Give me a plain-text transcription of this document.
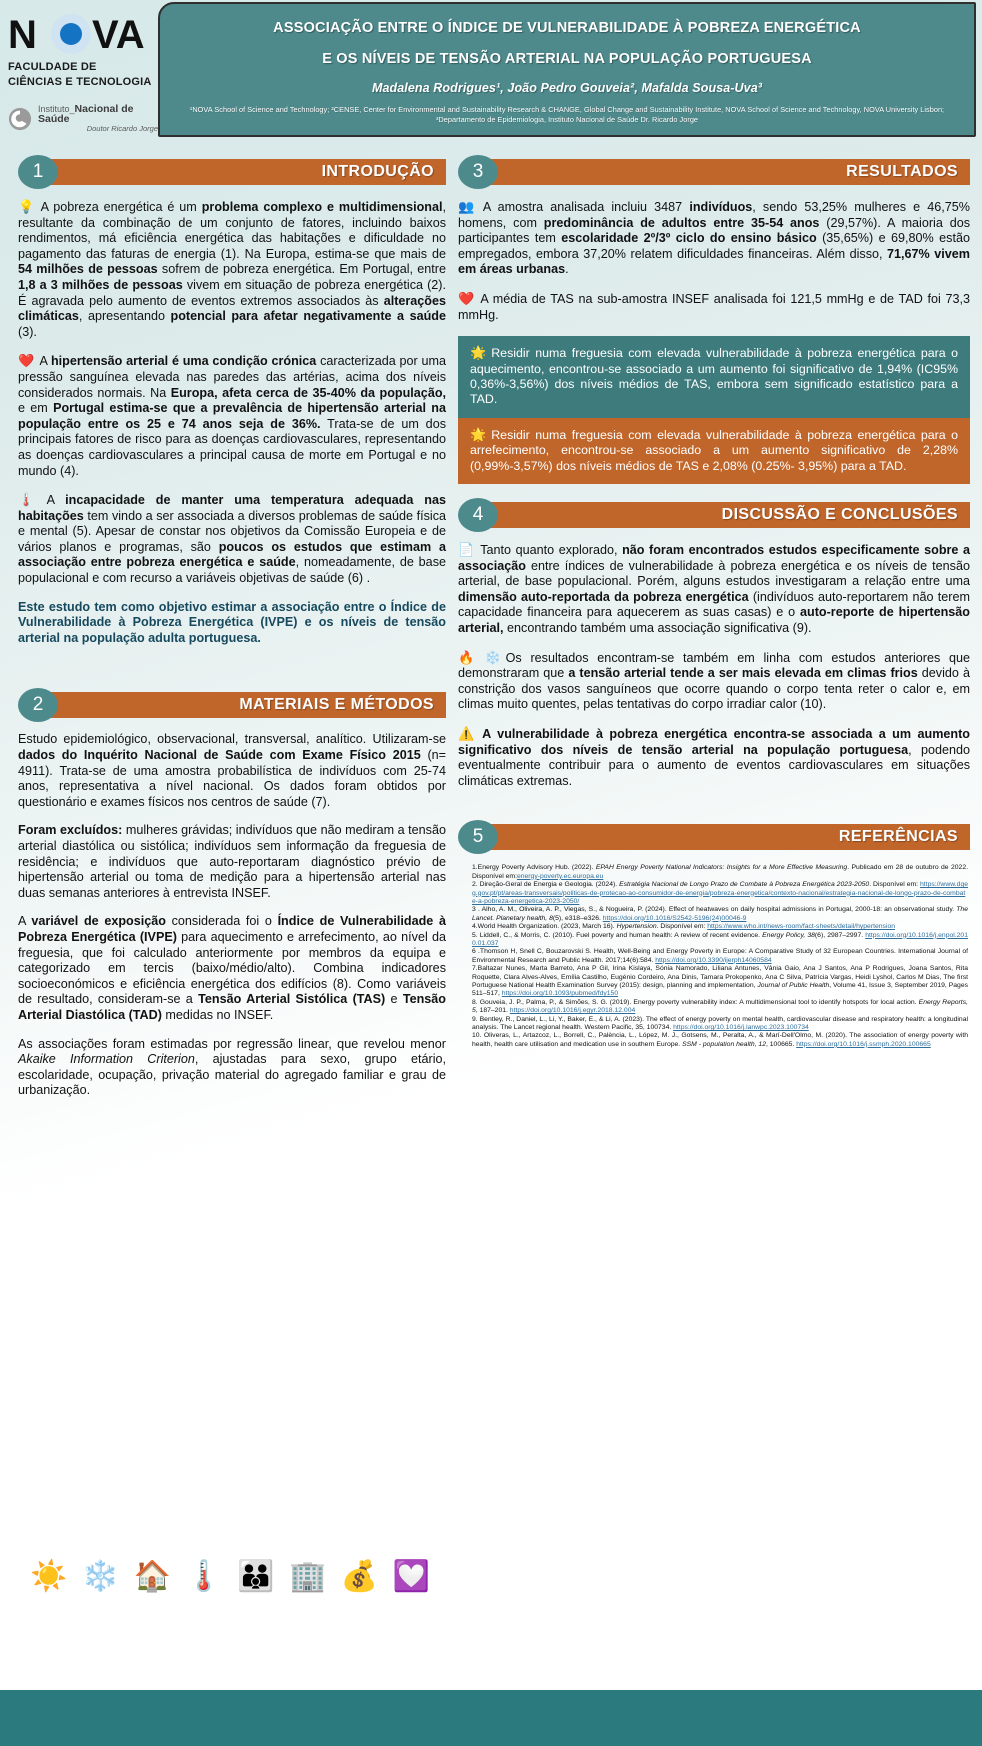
N VA
FACULDADE DE
CIÊNCIAS E TECNOLOGIA
Instituto_Nacional de Saúde
Doutor Ricardo Jorge
ASSOCIAÇÃO ENTRE O ÍNDICE DE VULNERABILIDADE À POBREZA ENERGÉTICA
E OS NÍVEIS DE TENSÃO ARTERIAL NA POPULAÇÃO PORTUGUESA
Madalena Rodrigues¹, João Pedro Gouveia², Mafalda Sousa-Uva³
¹NOVA School of Science and Technology; ²CENSE, Center for Environmental and Sustainability Research & CHANGE, Global Change and Sustainability Institute, NOVA School of Science and Technology, NOVA University Lisbon; ³Departamento de Epidemiologia, Instituto Nacional de Saúde Dr. Ricardo Jorge
INTRODUÇÃO
1

💡 A pobreza energética é um problema complexo e multidimensional, resultante da combinação de um conjunto de fatores, incluindo baixos rendimentos, má eficiência energética das habitações e dificuldade no pagamento das faturas de energia (1). Na Europa, estima-se que mais de 54 milhões de pessoas sofrem de pobreza energética. Em Portugal, entre 1,8 a 3 milhões de pessoas vivem em situação de pobreza energética (2). É agravada pelo aumento de eventos extremos associados às alterações climáticas, apresentando potencial para afetar negativamente a saúde (3).

❤️ A hipertensão arterial é uma condição crónica caracterizada por uma pressão sanguínea elevada nas paredes das artérias, acima dos níveis considerados normais. Na Europa, afeta cerca de 35-40% da população, e em Portugal estima-se que a prevalência de hipertensão arterial na população entre os 25 e 74 anos seja de 36%. Trata-se de um dos principais fatores de risco para as doenças cardiovasculares, representando as doenças cardiovasculares a principal causa de morte em Portugal e no mundo (4).

🌡️ A incapacidade de manter uma temperatura adequada nas habitações tem vindo a ser associada a diversos problemas de saúde física e mental (5). Apesar de constar nos objetivos da Comissão Europeia e de vários planos e programas, são poucos os estudos que estimam a associação entre pobreza energética e saúde, nomeadamente, de base populacional e com recurso a variáveis objetivas de saúde (6) .

Este estudo tem como objetivo estimar a associação entre o Índice de Vulnerabilidade à Pobreza Energética (IVPE) e os níveis de tensão arterial na população adulta portuguesa.

MATERIAIS E MÉTODOS
2

Estudo epidemiológico, observacional, transversal, analítico. Utilizaram-se dados do Inquérito Nacional de Saúde com Exame Físico 2015 (n= 4911). Trata-se de uma amostra probabilística de indivíduos com 25-74 anos, representativa a nível nacional. Os dados foram obtidos por questionário e exames físicos nos centros de saúde (7).

Foram excluídos: mulheres grávidas; indivíduos que não mediram a tensão arterial diastólica ou sistólica; indivíduos sem informação da freguesia de residência; e indivíduos que auto-reportaram diagnóstico prévio de hipertensão arterial ou toma de medição para a hipertensão arterial nas duas semanas anteriores à entrevista INSEF.

A variável de exposição considerada foi o Índice de Vulnerabilidade à Pobreza Energética (IVPE) para aquecimento e arrefecimento, ao nível da freguesia, que foi calculado anteriormente por membros da equipa e categorizado em tercis (baixo/médio/alto). Combina indicadores socioeconómicos e eficiência energética dos edifícios (8). Como variáveis de resultado, consideram-se a Tensão Arterial Sistólica (TAS) e Tensão Arterial Diastólica (TAD) medidas no INSEF.

As associações foram estimadas por regressão linear, que revelou menor Akaike Information Criterion, ajustadas para sexo, grupo etário, escolaridade, ocupação, privação material do agregado familiar e grau de urbanização.

RESULTADOS
3

👥 A amostra analisada incluiu 3487 indivíduos, sendo 53,25% mulheres e 46,75% homens, com predominância de adultos entre 35-54 anos (29,57%). A maioria dos participantes tem escolaridade 2º/3º ciclo do ensino básico (35,65%) e 69,80% estão empregados, embora 37,20% relatem dificuldades financeiras. Além disso, 71,67% vivem em áreas urbanas.

❤️ A média de TAS na sub-amostra INSEF analisada foi 121,5 mmHg e de TAD foi 73,3 mmHg.

🌟 Residir numa freguesia com elevada vulnerabilidade à pobreza energética para o aquecimento, encontrou-se associado a um aumento foi significativo de 1,94% (IC95% 0,36%-3,56%) dos níveis médios de TAS, embora sem significado estatístico para a TAD.
🌟 Residir numa freguesia com elevada vulnerabilidade à pobreza energética para o arrefecimento, encontrou-se associado a um aumento significativo de 2,28% (0,99%-3,57%) dos níveis médios de TAS e 2,08% (0.25%- 3,95%) para a TAD.
DISCUSSÃO E CONCLUSÕES
4

📄 Tanto quanto explorado, não foram encontrados estudos especificamente sobre a associação entre índices de vulnerabilidade à pobreza energética e os níveis de tensão arterial, de base populacional. Porém, alguns estudos investigaram a relação entre uma dimensão auto-reportada da pobreza energética (indivíduos auto-reportarem não terem capacidade financeira para aquecerem as suas casas) e o auto-reporte de hipertensão arterial, encontrando também uma associação significativa (9).

🔥 ❄️ Os resultados encontram-se também em linha com estudos anteriores que demonstraram que a tensão arterial tende a ser mais elevada em climas frios devido à constrição dos vasos sanguíneos que ocorre quando o corpo tenta reter o calor e, em climas muito quentes, pelas tentativas do corpo irradiar calor (10).

⚠️ A vulnerabilidade à pobreza energética encontra-se associada a um aumento significativo dos níveis de tensão arterial na população portuguesa, podendo eventualmente contribuir para o aumento de eventos cardiovasculares em situações climáticas extremas.

REFERÊNCIAS
5
1.Energy Poverty Advisory Hub. (2022). EPAH Energy Poverty National Indicators: Insights for a More Effective Measuring. Publicado em 28 de outubro de 2022. Disponível em:energy-poverty.ec.europa.eu
2. Direção-Geral de Energia e Geologia. (2024). Estratégia Nacional de Longo Prazo de Combate à Pobreza Energética 2023-2050. Disponível em: https://www.dgeg.gov.pt/pt/areas-transversais/politicas-de-protecao-ao-consumidor-de-energia/pobreza-energetica/contexto-nacional/estrategia-nacional-de-longo-prazo-de-combate-a-pobreza-energetica-2023-2050/
3 . Alho, A. M., Oliveira, A. P., Viegas, S., & Nogueira, P. (2024). Effect of heatwaves on daily hospital admissions in Portugal, 2000-18: an observational study. The Lancet. Planetary health, 8(5), e318–e326. https://doi.org/10.1016/S2542-5196(24)00046-9
4.World Health Organization. (2023, March 16). Hypertension. Disponível em: https://www.who.int/news-room/fact-sheets/detail/hypertension
5. Liddell, C., & Morris, C. (2010). Fuel poverty and human health: A review of recent evidence. Energy Policy, 38(6), 2987–2997. https://doi.org/10.1016/j.enpol.2010.01.037
6 .Thomson H, Snell C, Bouzarovski S. Health, Well-Being and Energy Poverty in Europe: A Comparative Study of 32 European Countries. International Journal of Environmental Research and Public Health. 2017;14(6):584. https://doi.org/10.3390/ijerph14060584
7.Baltazar Nunes, Marta Barreto, Ana P Gil, Irina Kislaya, Sónia Namorado, Liliana Antunes, Vânia Gaio, Ana J Santos, Ana P Rodrigues, Joana Santos, Rita Roquette, Clara Alves-Alves, Emília Castilho, Eugénio Cordeiro, Ana Dinis, Tamara Prokopenko, Ana C Silva, Patrícia Vargas, Heidi Lyshol, Carlos M Dias, The first Portuguese National Health Examination Survey (2015): design, planning and implementation, Journal of Public Health, Volume 41, Issue 3, September 2019, Pages 511–517, https://doi.org/10.1093/pubmed/fdy150
8. Gouveia, J. P., Palma, P., & Simões, S. G. (2019). Energy poverty vulnerability index: A multidimensional tool to identify hotspots for local action. Energy Reports, 5, 187–201. https://doi.org/10.1016/j.egyr.2018.12.004
9. Bentley, R., Daniel, L., Li, Y., Baker, E., & Li, A. (2023). The effect of energy poverty on mental health, cardiovascular disease and respiratory health: a longitudinal analysis. The Lancet regional health. Western Pacific, 35, 100734. https://doi.org/10.1016/j.lanwpc.2023.100734
10. Oliveras, L., Artazcoz, L., Borrell, C., Palència, L., López, M. J., Gotsens, M., Peralta, A., & Marí-Dell'Olmo, M. (2020). The association of energy poverty with health, health care utilisation and medication use in southern Europe. SSM - population health, 12, 100665. https://doi.org/10.1016/j.ssmph.2020.100665
☀️ ❄️ 🏠 🌡️ 👪 🏢 💰 💟
